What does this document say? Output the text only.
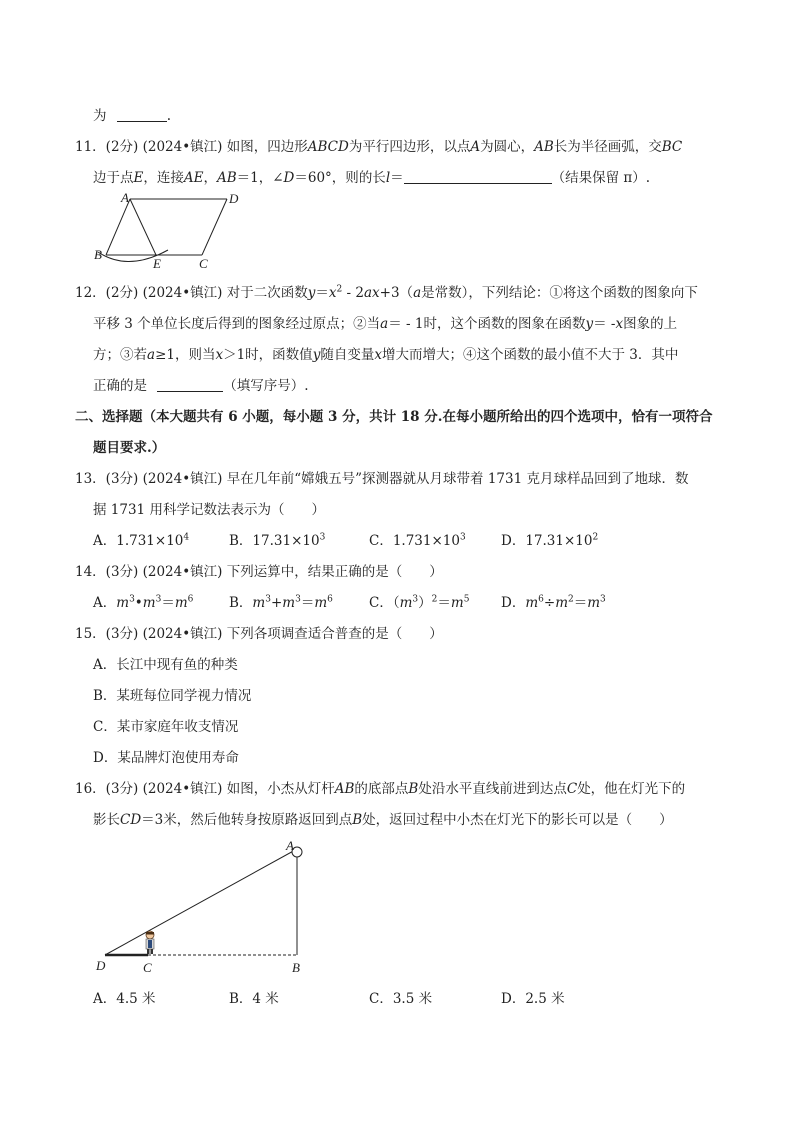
为	.
11．(2分) (2024•镇江) 如图，四边形ABCD为平行四边形，以点A为圆心，AB长为半径画弧，交BC
边于点E，连接AE，AB＝1，∠D＝60°，则的长l＝	（结果保留 π）.
A	D
B
C
E
12．(2分) (2024•镇江) 对于二次函数$y=x^2 - 2ax+3(a$是常数），下列结论：①将这个函数的图象向下
平移 3 个单位长度后得到的图象经过原点；②当a＝ - 1时，这个函数的图象在函数y＝ -x图象的上
方；③若a≥1，则当x＞1时，函数值y随自变量x增大而增大；④这个函数的最小值不大于 3．其中
正确的是	（填写序号）.
二、选择题（本大题共有 6 小题，每小题 3 分，共计 18 分.在每小题所给出的四个选项中，恰有一项符合
题目要求.）
13．(3分) (2024•镇江) 早在几年前“嫦娥五号”探测器就从月球带着 1731 克月球样品回到了地球．数
据 1731 用科学记数法表示为（　　）
A．$1.731\times 10^4$	B．$17.31\times 10^3$	C．$1.731\times 10^3$	D．$17.31\times 10^2$
14．(3分) (2024•镇江) 下列运算中，结果正确的是（　　）
A．$m^3•m^3=m^6$	B．$m^3+m^3=m^6$	C．$(m^3)^2=m^5$ D．$m^6\div m^2=m^3$
15．(3分) (2024•镇江) 下列各项调查适合普查的是（　　）
A．长江中现有鱼的种类
B．某班每位同学视力情况
C．某市家庭年收支情况
D．某品牌灯泡使用寿命
16．(3分) (2024•镇江) 如图，小杰从灯杆AB的底部点B处沿水平直线前进到达点C处，他在灯光下的
影长CD＝3米，然后他转身按原路返回到点B处，返回过程中小杰在灯光下的影长可以是（　　）
A
B
C
D
A．4.5 米	B．4 米	C．3.5 米	D．2.5 米
